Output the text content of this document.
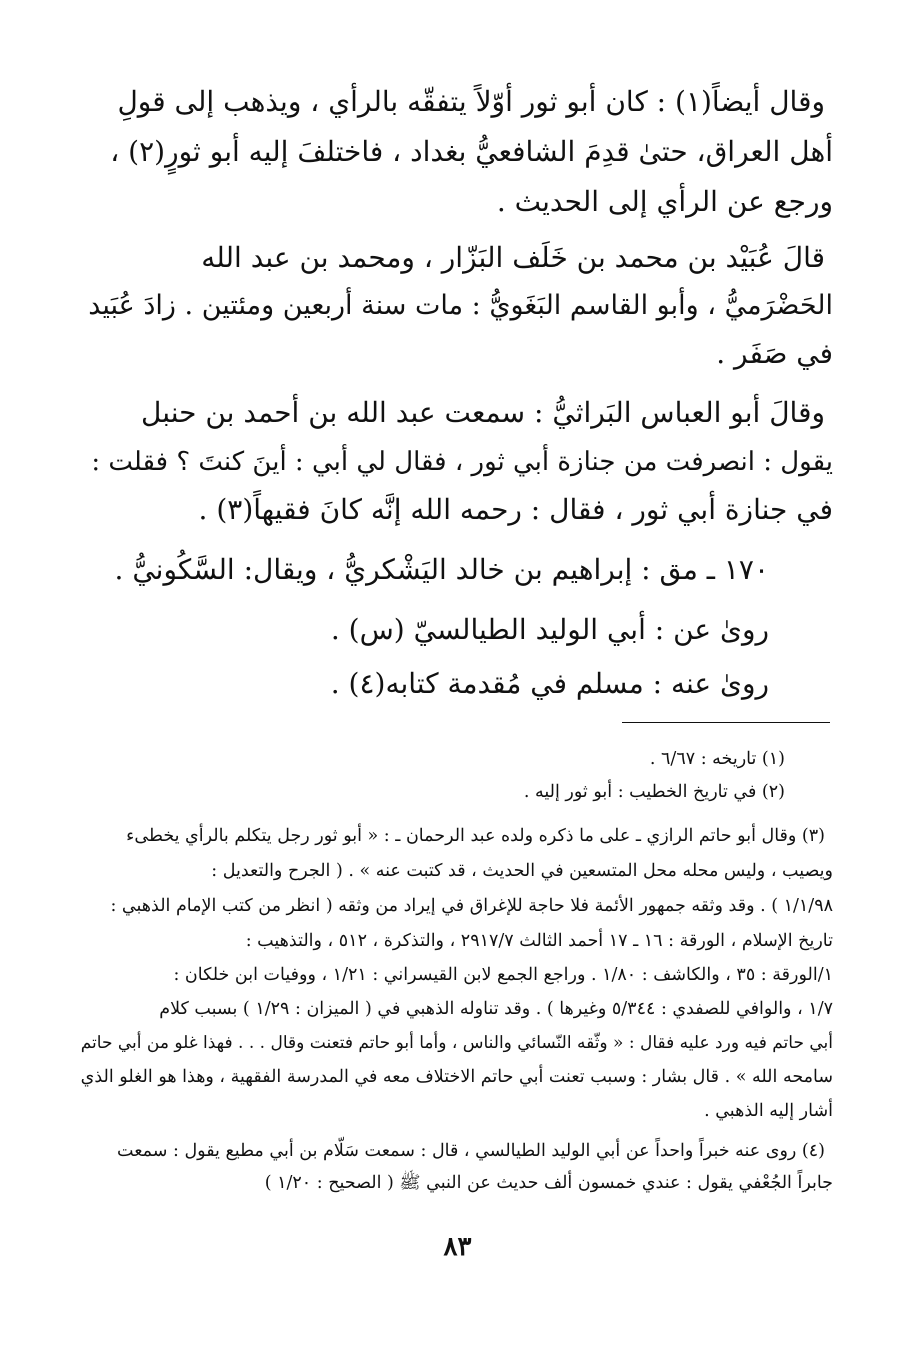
وقال أيضاً(١) : كان أبو ثور أوّلاً يتفقّه بالرأي ، ويذهب إلى قولِ
أهل العراق، حتىٰ قدِمَ الشافعيُّ بغداد ، فاختلفَ إليه أبو ثورٍ(٢) ،
ورجع عن الرأي إلى الحديث .
قالَ عُبَيْد بن محمد بن خَلَف البَزّار ، ومحمد بن عبد الله
الحَضْرَميُّ ، وأبو القاسم البَغَويُّ : مات سنة أربعين ومئتين . زادَ عُبَيد
في صَفَر .
وقالَ أبو العباس البَراثيُّ : سمعت عبد الله بن أحمد بن حنبل
يقول : انصرفت من جنازة أبي ثور ، فقال لي أبي : أينَ كنتَ ؟ فقلت :
في جنازة أبي ثور ، فقال : رحمه الله إنَّه كانَ فقيهاً(٣) .
١٧٠ ـ مق : إبراهيم بن خالد اليَشْكريُّ ، ويقال: السَّكُونيُّ .
روىٰ عن : أبي الوليد الطيالسيّ (س) .
روىٰ عنه : مسلم في مُقدمة كتابه(٤) .
(١) تاريخه : ٦/٦٧ .
(٢) في تاريخ الخطيب : أبو ثور إليه .
(٣) وقال أبو حاتم الرازي ـ على ما ذكره ولده عبد الرحمان ـ : « أبو ثور رجل يتكلم بالرأي يخطىء
ويصيب ، وليس محله محل المتسعين في الحديث ، قد كتبت عنه » . ( الجرح والتعديل :
١/١/٩٨ ) . وقد وثقه جمهور الأئمة فلا حاجة للإغراق في إيراد من وثقه ( انظر من كتب الإمام الذهبي :
تاريخ الإسلام ، الورقة : ١٦ ـ ١٧ أحمد الثالث ٢٩١٧/٧ ، والتذكرة ، ٥١٢ ، والتذهيب :
١/الورقة : ٣٥ ، والكاشف : ١/٨٠ . وراجع الجمع لابن القيسراني : ١/٢١ ، ووفيات ابن خلكان :
١/٧ ، والوافي للصفدي : ٥/٣٤٤ وغيرها ) . وقد تناوله الذهبي في ( الميزان : ١/٢٩ ) بسبب كلام
أبي حاتم فيه ورد عليه فقال : « وثّقه النّسائي والناس ، وأما أبو حاتم فتعنت وقال . . . فهذا غلو من أبي حاتم
سامحه الله » . قال بشار : وسبب تعنت أبي حاتم الاختلاف معه في المدرسة الفقهية ، وهذا هو الغلو الذي
أشار إليه الذهبي .
(٤) روى عنه خبراً واحداً عن أبي الوليد الطيالسي ، قال : سمعت سَلّام بن أبي مطيع يقول : سمعت
جابراً الجُعْفي يقول : عندي خمسون ألف حديث عن النبي ﷺ ( الصحيح : ١/٢٠ )
٨٣
